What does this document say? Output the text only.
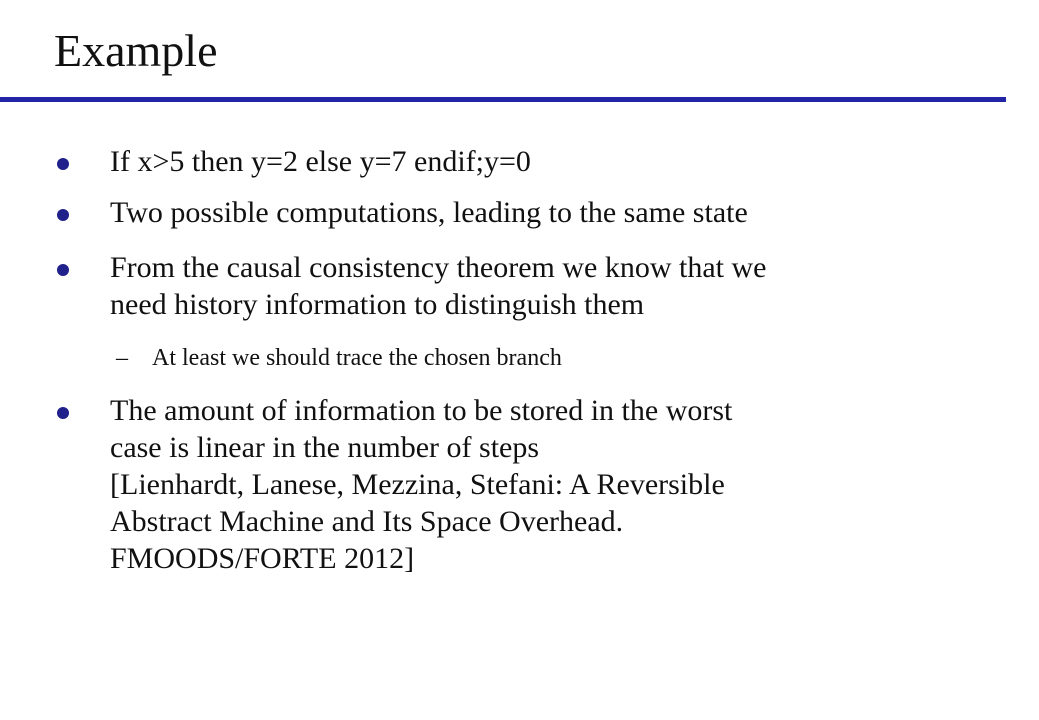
Example
If x>5 then y=2 else y=7 endif;y=0
Two possible computations, leading to the same state
From the causal consistency theorem we know that we
need history information to distinguish them
– At least we should trace the chosen branch
The amount of information to be stored in the worst
case is linear in the number of steps
[Lienhardt, Lanese, Mezzina, Stefani: A Reversible
Abstract Machine and Its Space Overhead.
FMOODS/FORTE 2012]
